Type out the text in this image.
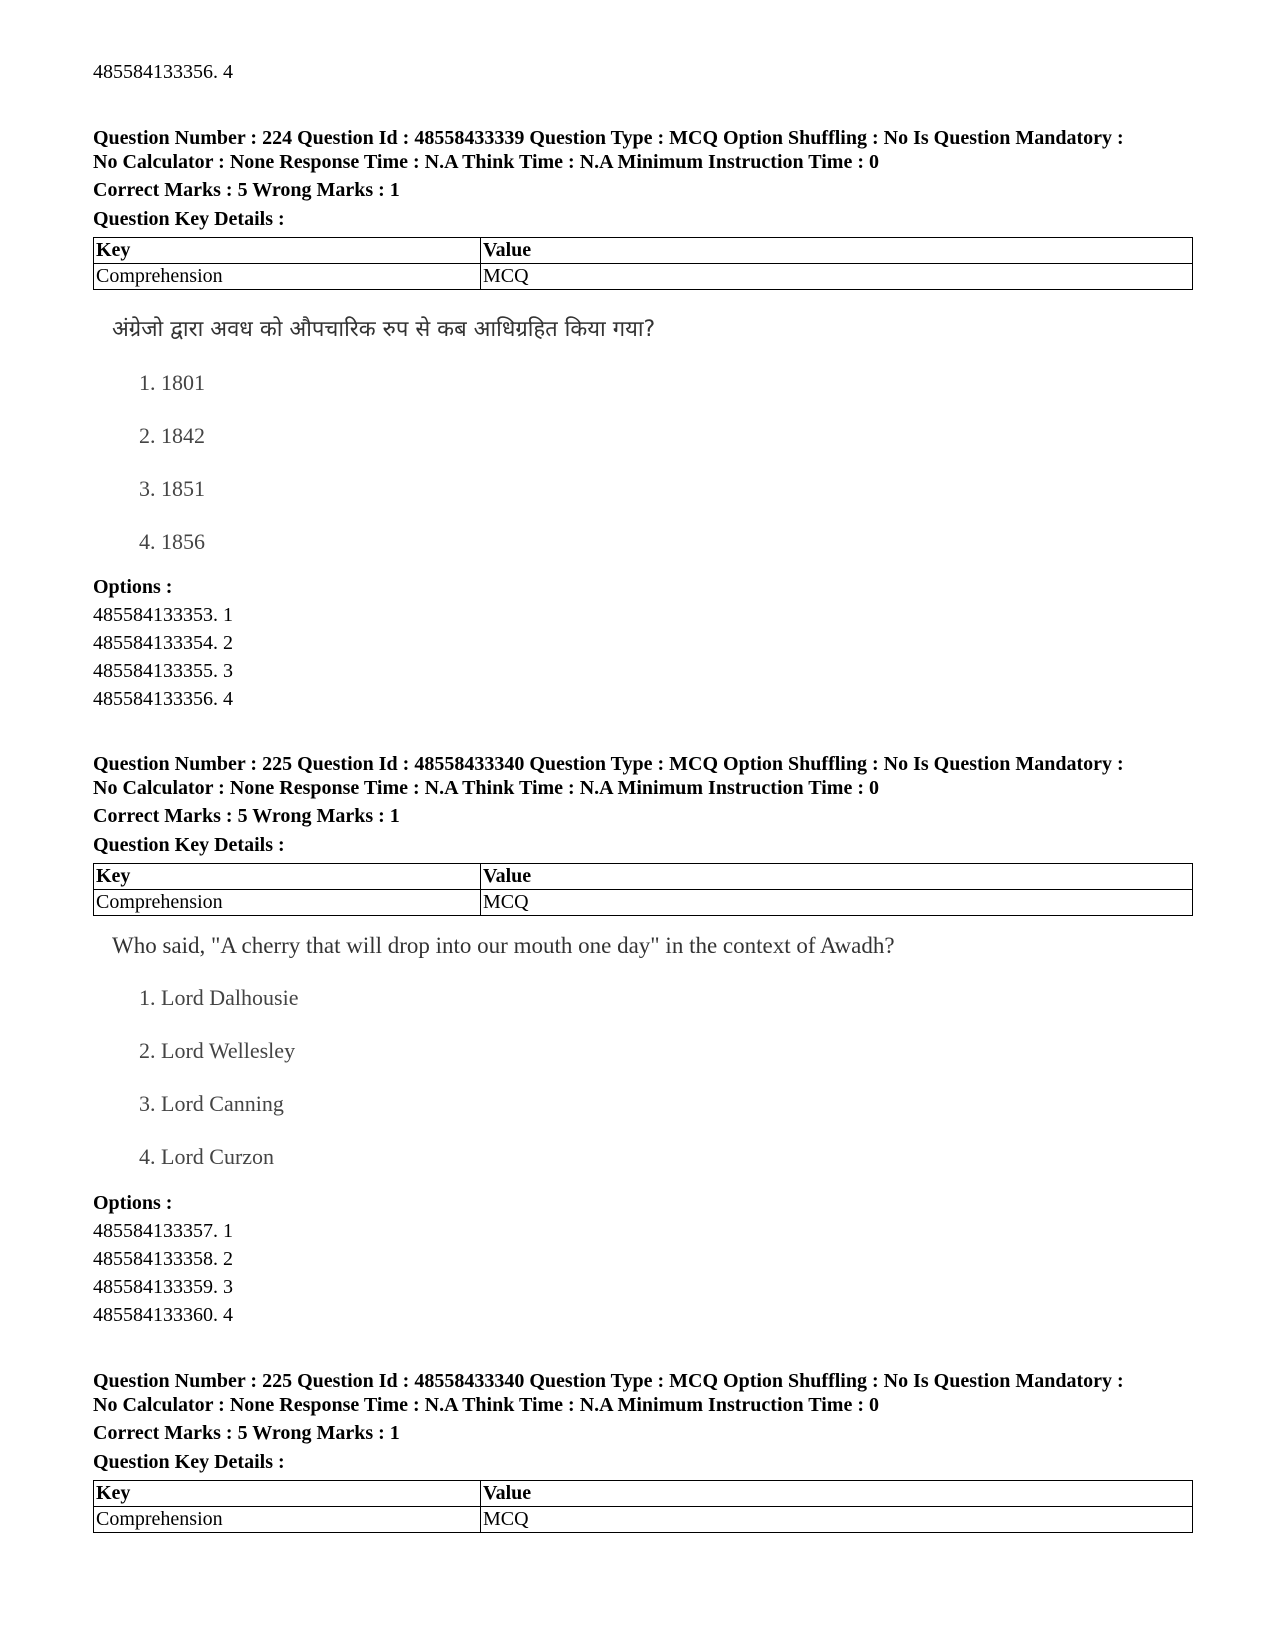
485584133356. 4
Question Number : 224 Question Id : 48558433339 Question Type : MCQ Option Shuffling : No Is Question Mandatory :
No Calculator : None Response Time : N.A Think Time : N.A Minimum Instruction Time : 0
Correct Marks : 5 Wrong Marks : 1
Question Key Details :
Key	Value
Comprehension	MCQ
अंग्रेजो द्वारा अवध को औपचारिक रुप से कब आधिग्रहित किया गया?
1. 1801
2. 1842
3. 1851
4. 1856
Options :
485584133353. 1
485584133354. 2
485584133355. 3
485584133356. 4
Question Number : 225 Question Id : 48558433340 Question Type : MCQ Option Shuffling : No Is Question Mandatory :
No Calculator : None Response Time : N.A Think Time : N.A Minimum Instruction Time : 0
Correct Marks : 5 Wrong Marks : 1
Question Key Details :
Key	Value
Comprehension	MCQ
Who said, "A cherry that will drop into our mouth one day" in the context of Awadh?
1. Lord Dalhousie
2. Lord Wellesley
3. Lord Canning
4. Lord Curzon
Options :
485584133357. 1
485584133358. 2
485584133359. 3
485584133360. 4
Question Number : 225 Question Id : 48558433340 Question Type : MCQ Option Shuffling : No Is Question Mandatory :
No Calculator : None Response Time : N.A Think Time : N.A Minimum Instruction Time : 0
Correct Marks : 5 Wrong Marks : 1
Question Key Details :
Key	Value
Comprehension	MCQ
